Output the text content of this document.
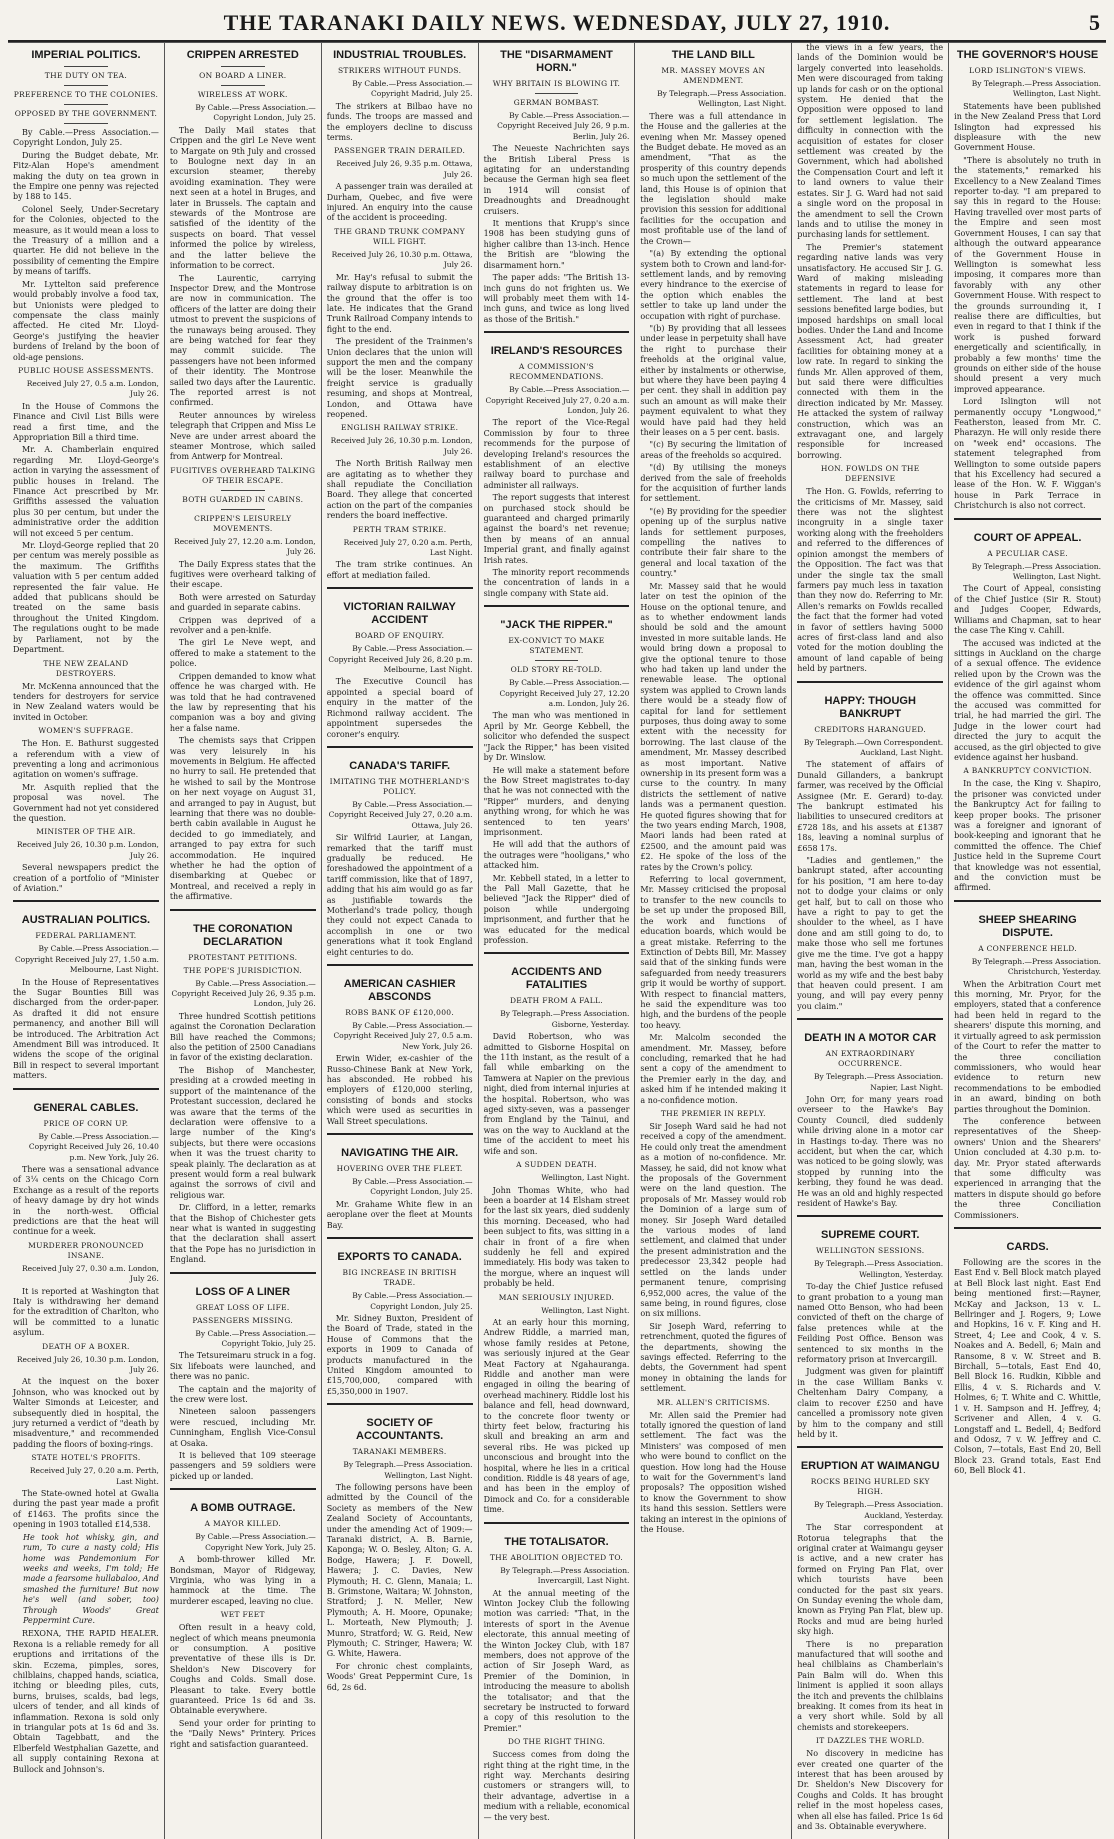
THE TARANAKI DAILY NEWS. WEDNESDAY, JULY 27, 1910.	5
IMPERIAL POLITICS.
THE DUTY ON TEA.
PREFERENCE TO THE COLONIES.
OPPOSED BY THE GOVERNMENT.

By Cable.—Press Association.—Copyright London, July 25.

During the Budget debate, Mr. Fitz-Alan Hope's amendment making the duty on tea grown in the Empire one penny was rejected by 188 to 145.

Colonel Seely, Under-Secretary for the Colonies, objected to the measure, as it would mean a loss to the Treasury of a million and a quarter. He did not believe in the possibility of cementing the Empire by means of tariffs.

Mr. Lyttelton said preference would probably involve a food tax, but Unionists were pledged to compensate the class mainly affected. He cited Mr. Lloyd-George's justifying the heavier burdens of Ireland by the boon of old-age pensions.

PUBLIC HOUSE ASSESSMENTS.
Received July 27, 0.5 a.m. London, July 26.

In the House of Commons the Finance and Civil List Bills were read a first time, and the Appropriation Bill a third time.

Mr. A. Chamberlain enquired regarding Mr. Lloyd-George's action in varying the assessment of public houses in Ireland. The Finance Act prescribed by Mr. Griffiths assessed the valuation plus 30 per centum, but under the administrative order the addition will not exceed 5 per centum.

Mr. Lloyd-George replied that 20 per centum was merely possible as the maximum. The Griffiths valuation with 5 per centum added represented the fair value. He added that publicans should be treated on the same basis throughout the United Kingdom. The regulations ought to be made by Parliament, not by the Department.

THE NEW ZEALAND DESTROYERS.

Mr. McKenna announced that the tenders for destroyers for service in New Zealand waters would be invited in October.

WOMEN'S SUFFRAGE.

The Hon. E. Bathurst suggested a referendum with a view of preventing a long and acrimonious agitation on women's suffrage.

Mr. Asquith replied that the proposal was novel. The Government had not yet considered the question.

MINISTER OF THE AIR.
Received July 26, 10.30 p.m. London, July 26.

Several newspapers predict the creation of a portfolio of "Minister of Aviation."

AUSTRALIAN POLITICS.
FEDERAL PARLIAMENT.
By Cable.—Press Association.—Copyright Received July 27, 1.50 a.m. Melbourne, Last Night.

In the House of Representatives the Sugar Bounties Bill was discharged from the order-paper. As drafted it did not ensure permanency, and another Bill will be introduced. The Arbitration Act Amendment Bill was introduced. It widens the scope of the original Bill in respect to several important matters.

GENERAL CABLES.
PRICE OF CORN UP.
By Cable.—Press Association.—Copyright Received July 26, 10.40 p.m. New York, July 26.

There was a sensational advance of 3¼ cents on the Chicago Corn Exchange as a result of the reports of heavy damage by dry hot winds in the north-west. Official predictions are that the heat will continue for a week.

MURDERER PRONOUNCED INSANE.
Received July 27, 0.30 a.m. London, July 26.

It is reported at Washington that Italy is withdrawing her demand for the extradition of Charlton, who will be committed to a lunatic asylum.

DEATH OF A BOXER.
Received July 26, 10.30 p.m. London, July 26.

At the inquest on the boxer Johnson, who was knocked out by Walter Simonds at Leicester, and subsequently died in hospital, the jury returned a verdict of "death by misadventure," and recommended padding the floors of boxing-rings.

STATE HOTEL'S PROFITS.
Received July 27, 0.20 a.m. Perth, Last Night.

The State-owned hotel at Gwalia during the past year made a profit of £1463. The profits since the opening in 1903 totalled £14,538.

He took hot whisky, gin, and rum, To cure a nasty cold; His home was Pandemonium For weeks and weeks, I'm told; He made a fearsome hullabaloo, And smashed the furniture! But now he's well (and sober, too) Through Woods' Great Peppermint Cure.

REXONA, THE RAPID HEALER. Rexona is a reliable remedy for all eruptions and irritations of the skin. Eczema, pimples, sores, chilblains, chapped hands, sciatica, itching or bleeding piles, cuts, burns, bruises, scalds, bad legs, ulcers of tender, and all kinds of inflammation. Rexona is sold only in triangular pots at 1s 6d and 3s. Obtain Tagebbatt, and the Elberfeld Westphalian Gazette, and all supply containing Rexona at Bullock and Johnson's.

CRIPPEN ARRESTED
ON BOARD A LINER.
WIRELESS AT WORK.
By Cable.—Press Association.—Copyright London, July 25.

The Daily Mail states that Crippen and the girl Le Neve went to Margate on 9th July and crossed to Boulogne next day in an excursion steamer, thereby avoiding examination. They were next seen at a hotel in Bruges, and later in Brussels. The captain and stewards of the Montrose are satisfied of the identity of the suspects on board. That vessel informed the police by wireless, and the latter believe the information to be correct.

The Laurentic, carrying Inspector Drew, and the Montrose are now in communication. The officers of the latter are doing their utmost to prevent the suspicions of the runaways being aroused. They are being watched for fear they may commit suicide. The passengers have not been informed of their identity. The Montrose sailed two days after the Laurentic. The reported arrest is not confirmed.

Reuter announces by wireless telegraph that Crippen and Miss Le Neve are under arrest aboard the steamer Montrose, which sailed from Antwerp for Montreal.

FUGITIVES OVERHEARD TALKING OF THEIR ESCAPE.
BOTH GUARDED IN CABINS.
CRIPPEN'S LEISURELY MOVEMENTS.
Received July 27, 12.20 a.m. London, July 26.

The Daily Express states that the fugitives were overheard talking of their escape.

Both were arrested on Saturday and guarded in separate cabins.

Crippen was deprived of a revolver and a pen-knife.

The girl Le Neve wept, and offered to make a statement to the police.

Crippen demanded to know what offence he was charged with. He was told that he had contravened the law by representing that his companion was a boy and giving her a false name.

The chemists says that Crippen was very leisurely in his movements in Belgium. He affected no hurry to sail. He pretended that he wished to sail by the Montrose on her next voyage on August 31, and arranged to pay in August, but learning that there was no double-berth cabin available in August he decided to go immediately, and arranged to pay extra for such accommodation. He inquired whether he had the option of disembarking at Quebec or Montreal, and received a reply in the affirmative.

THE CORONATION DECLARATION
PROTESTANT PETITIONS.
THE POPE'S JURISDICTION.
By Cable.—Press Association.—Copyright Received July 26, 9.35 p.m. London, July 26.

Three hundred Scottish petitions against the Coronation Declaration Bill have reached the Commons; also the petition of 2500 Canadians in favor of the existing declaration.

The Bishop of Manchester, presiding at a crowded meeting in support of the maintenance of the Protestant succession, declared he was aware that the terms of the declaration were offensive to a large number of the King's subjects, but there were occasions when it was the truest charity to speak plainly. The declaration as at present would form a real bulwark against the sorrows of civil and religious war.

Dr. Clifford, in a letter, remarks that the Bishop of Chichester gets near what is wanted in suggesting that the declaration shall assert that the Pope has no jurisdiction in England.

LOSS OF A LINER
GREAT LOSS OF LIFE.
PASSENGERS MISSING.
By Cable.—Press Association.—Copyright Tokio, July 25.

The Tetsureimaru struck in a fog. Six lifeboats were launched, and there was no panic.

The captain and the majority of the crew were lost.

Nineteen saloon passengers were rescued, including Mr. Cunningham, English Vice-Consul at Osaka.

It is believed that 109 steerage passengers and 59 soldiers were picked up or landed.

A BOMB OUTRAGE.
A MAYOR KILLED.
By Cable.—Press Association.—Copyright New York, July 25.

A bomb-thrower killed Mr. Bondsman, Mayor of Ridgeway, Virginia, who was lying in a hammock at the time. The murderer escaped, leaving no clue.

WET FEET

Often result in a heavy cold, neglect of which means pneumonia or consumption. A positive preventative of these ills is Dr. Sheldon's New Discovery for Coughs and Colds. Small dose. Pleasant to take. Every bottle guaranteed. Price 1s 6d and 3s. Obtainable everywhere.

Send your order for printing to the "Daily News" Printery. Prices right and satisfaction guaranteed.

INDUSTRIAL TROUBLES.
STRIKERS WITHOUT FUNDS.
By Cable.—Press Association.—Copyright Madrid, July 25.

The strikers at Bilbao have no funds. The troops are massed and the employers decline to discuss terms.

PASSENGER TRAIN DERAILED.
Received July 26, 9.35 p.m. Ottawa, July 26.

A passenger train was derailed at Durham, Quebec, and five were injured. An enquiry into the cause of the accident is proceeding.

THE GRAND TRUNK COMPANY WILL FIGHT.
Received July 26, 10.30 p.m. Ottawa, July 26.

Mr. Hay's refusal to submit the railway dispute to arbitration is on the ground that the offer is too late. He indicates that the Grand Trunk Railroad Company intends to fight to the end.

The president of the Trainmen's Union declares that the union will support the men and the company will be the loser. Meanwhile the freight service is gradually resuming, and shops at Montreal, London, and Ottawa have reopened.

ENGLISH RAILWAY STRIKE.
Received July 26, 10.30 p.m. London, July 26.

The North British Railway men are agitating as to whether they shall repudiate the Conciliation Board. They allege that concerted action on the part of the companies renders the board ineffective.

PERTH TRAM STRIKE.
Received July 27, 0.20 a.m. Perth, Last Night.

The tram strike continues. An effort at mediation failed.

VICTORIAN RAILWAY ACCIDENT
BOARD OF ENQUIRY.
By Cable.—Press Association.—Copyright Received July 26, 8.20 p.m. Melbourne, Last Night.

The Executive Council has appointed a special board of enquiry in the matter of the Richmond railway accident. The appointment supersedes the coroner's enquiry.

CANADA'S TARIFF.
IMITATING THE MOTHERLAND'S POLICY.
By Cable.—Press Association.—Copyright Received July 27, 0.20 a.m. Ottawa, July 26.

Sir Wilfrid Laurier, at Langan, remarked that the tariff must gradually be reduced. He foreshadowed the appointment of a tariff commission, like that of 1897, adding that his aim would go as far as justifiable towards the Motherland's trade policy, though they could not expect Canada to accomplish in one or two generations what it took England eight centuries to do.

AMERICAN CASHIER ABSCONDS
ROBS BANK OF £120,000.
By Cable.—Press Association.—Copyright Received July 27, 0.5 a.m. New York, July 26.

Erwin Wider, ex-cashier of the Russo-Chinese Bank at New York, has absconded. He robbed his employers of £120,000 sterling, consisting of bonds and stocks which were used as securities in Wall Street speculations.

NAVIGATING THE AIR.
HOVERING OVER THE FLEET.
By Cable.—Press Association.—Copyright London, July 25.

Mr. Grahame White flew in an aeroplane over the fleet at Mounts Bay.

EXPORTS TO CANADA.
BIG INCREASE IN BRITISH TRADE.
By Cable.—Press Association.—Copyright London, July 25.

Mr. Sidney Buxton, President of the Board of Trade, stated in the House of Commons that the exports in 1909 to Canada of products manufactured in the United Kingdom amounted to £15,700,000, compared with £5,350,000 in 1907.

SOCIETY OF ACCOUNTANTS.
TARANAKI MEMBERS.
By Telegraph.—Press Association. Wellington, Last Night.

The following persons have been admitted by the Council of the Society as members of the New Zealand Society of Accountants, under the amending Act of 1909:—Taranaki district, A. B. Barnie, Kaponga; W. O. Besley, Alton; G. A. Bodge, Hawera; J. F. Dowell, Hawera; J. C. Davies, New Plymouth; H. C. Glenn, Manaia; L. B. Grimstone, Waitara; W. Johnston, Stratford; J. N. Meller, New Plymouth; A. H. Moore, Opunake; L. Morteath, New Plymouth; J. Munro, Stratford; W. G. Reid, New Plymouth; C. Stringer, Hawera; W. G. White, Hawera.

For chronic chest complaints, Woods' Great Peppermint Cure, 1s 6d, 2s 6d.

THE "DISARMAMENT HORN."
WHY BRITAIN IS BLOWING IT.
GERMAN BOMBAST.
By Cable.—Press Association.—Copyright Received July 26, 9 p.m. Berlin, July 26.

The Neueste Nachrichten says the British Liberal Press is agitating for an understanding because the German high sea fleet in 1914 will consist of Dreadnoughts and Dreadnought cruisers.

It mentions that Krupp's since 1908 has been studying guns of higher calibre than 13-inch. Hence the British are "blowing the disarmament horn."

The paper adds: "The British 13-inch guns do not frighten us. We will probably meet them with 14-inch guns, and twice as long lived as those of the British."

IRELAND'S RESOURCES
A COMMISSION'S RECOMMENDATIONS.
By Cable.—Press Association.—Copyright Received July 27, 0.20 a.m. London, July 26.

The report of the Vice-Regal Commission by four to three recommends for the purpose of developing Ireland's resources the establishment of an elective railway board to purchase and administer all railways.

The report suggests that interest on purchased stock should be guaranteed and charged primarily against the board's net revenue; then by means of an annual Imperial grant, and finally against Irish rates.

The minority report recommends the concentration of lands in a single company with State aid.

"JACK THE RIPPER."
EX-CONVICT TO MAKE STATEMENT.
OLD STORY RE-TOLD.
By Cable.—Press Association.—Copyright Received July 27, 12.20 a.m. London, July 26.

The man who was mentioned in April by Mr. George Kebbell, the solicitor who defended the suspect "Jack the Ripper," has been visited by Dr. Winslow.

He will make a statement before the Bow Street magistrates to-day that he was not connected with the "Ripper" murders, and denying anything wrong, for which he was sentenced to ten years' imprisonment.

He will add that the authors of the outrages were "hooligans," who attacked him.

Mr. Kebbell stated, in a letter to the Pall Mall Gazette, that he believed "Jack the Ripper" died of poison while undergoing imprisonment, and further that he was educated for the medical profession.

ACCIDENTS AND FATALITIES
DEATH FROM A FALL.
By Telegraph.—Press Association. Gisborne, Yesterday.

David Robertson, who was admitted to Gisborne Hospital on the 11th instant, as the result of a fall while embarking on the Tamwera at Napier on the previous night, died from internal injuries at the hospital. Robertson, who was aged sixty-seven, was a passenger from England by the Tainui, and was on the way to Auckland at the time of the accident to meet his wife and son.

A SUDDEN DEATH.
Wellington, Last Night.

John Thomas White, who had been a boarder at 14 Elsham street for the last six years, died suddenly this morning. Deceased, who had been subject to fits, was sitting in a chair in front of a fire when suddenly he fell and expired immediately. His body was taken to the morgue, where an inquest will probably be held.

MAN SERIOUSLY INJURED.
Wellington, Last Night.

At an early hour this morning, Andrew Riddle, a married man, whose family resides at Petone, was seriously injured at the Gear Meat Factory at Ngahauranga. Riddle and another man were engaged in oiling the bearing of overhead machinery. Riddle lost his balance and fell, head downward, to the concrete floor twenty or thirty feet below, fracturing his skull and breaking an arm and several ribs. He was picked up unconscious and brought into the hospital, where he lies in a critical condition. Riddle is 48 years of age, and has been in the employ of Dimock and Co. for a considerable time.

THE TOTALISATOR.
THE ABOLITION OBJECTED TO.
By Telegraph.—Press Association. Invercargill, Last Night.

At the annual meeting of the Winton Jockey Club the following motion was carried: "That, in the interests of sport in the Avenue electorate, this annual meeting of the Winton Jockey Club, with 187 members, does not approve of the action of Sir Joseph Ward, as Premier of the Dominion, in introducing the measure to abolish the totalisator; and that the secretary be instructed to forward a copy of this resolution to the Premier."

DO THE RIGHT THING.

Success comes from doing the right thing at the right time, in the right way. Merchants desiring customers or strangers will, to their advantage, advertise in a medium with a reliable, economical— the very best.

THE LAND BILL
MR. MASSEY MOVES AN AMENDMENT.
By Telegraph.—Press Association. Wellington, Last Night.

There was a full attendance in the House and the galleries at the evening when Mr. Massey opened the Budget debate. He moved as an amendment, "That as the prosperity of this country depends so much upon the settlement of the land, this House is of opinion that the legislation should make provision this session for additional facilities for the occupation and most profitable use of the land of the Crown—

"(a) By extending the optional system both to Crown and land-for-settlement lands, and by removing every hindrance to the exercise of the option which enables the settler to take up land under the occupation with right of purchase.

"(b) By providing that all lessees under lease in perpetuity shall have the right to purchase their freeholds at the original value, either by instalments or otherwise, but where they have been paying 4 per cent. they shall in addition pay such an amount as will make their payment equivalent to what they would have paid had they held their leases on a 5 per cent. basis.

"(c) By securing the limitation of areas of the freeholds so acquired.

"(d) By utilising the moneys derived from the sale of freeholds for the acquisition of further lands for settlement.

"(e) By providing for the speedier opening up of the surplus native lands for settlement purposes, compelling the natives to contribute their fair share to the general and local taxation of the country."

Mr. Massey said that he would later on test the opinion of the House on the optional tenure, and as to whether endowment lands should be sold and the amount invested in more suitable lands. He would bring down a proposal to give the optional tenure to those who had taken up land under the renewable lease. The optional system was applied to Crown lands there would be a steady flow of capital for land for settlement purposes, thus doing away to some extent with the necessity for borrowing. The last clause of the amendment, Mr. Massey described as most important. Native ownership in its present form was a curse to the country. In many districts the settlement of native lands was a permanent question. He quoted figures showing that for the two years ending March, 1908, Maori lands had been rated at £2500, and the amount paid was £2. He spoke of the loss of the rates by the Crown's policy.

Referring to local government, Mr. Massey criticised the proposal to transfer to the new councils to be set up under the proposed Bill, the work and functions of education boards, which would be a great mistake. Referring to the Extinction of Debts Bill, Mr. Massey said that of the sinking funds were safeguarded from needy treasurers grip it would be worthy of support. With respect to financial matters, he said the expenditure was too high, and the burdens of the people too heavy.

Mr. Malcolm seconded the amendment. Mr. Massey, before concluding, remarked that he had sent a copy of the amendment to the Premier early in the day, and asked him if he intended making it a no-confidence motion.

THE PREMIER IN REPLY.

Sir Joseph Ward said he had not received a copy of the amendment. He could only treat the amendment as a motion of no-confidence. Mr. Massey, he said, did not know what the proposals of the Government were on the land question. The proposals of Mr. Massey would rob the Dominion of a large sum of money. Sir Joseph Ward detailed the various modes of land settlement, and claimed that under the present administration and the predecessor 23,342 people had settled on the lands under permanent tenure, comprising 6,952,000 acres, the value of the same being, in round figures, close on six millions.

Sir Joseph Ward, referring to retrenchment, quoted the figures of the departments, showing the savings effected. Referring to the debts, the Government had spent money in obtaining the lands for settlement.

MR. ALLEN'S CRITICISMS.

Mr. Allen said the Premier had totally ignored the question of land settlement. The fact was the Ministers' was composed of men who were bound to conflict on the question. How long had the House to wait for the Government's land proposals? The opposition wished to know the Government to show its hand this session. Settlers were taking an interest in the opinions of the House.

the views in a few years, the lands of the Dominion would be largely converted into leaseholds. Men were discouraged from taking up lands for cash or on the optional system. He denied that the Opposition were opposed to land for settlement legislation. The difficulty in connection with the acquisition of estates for closer settlement was created by the Government, which had abolished the Compensation Court and left it to land owners to value their estates. Sir J. G. Ward had not said a single word on the proposal in the amendment to sell the Crown lands and to utilise the money in purchasing lands for settlement.

The Premier's statement regarding native lands was very unsatisfactory. He accused Sir J. G. Ward of making misleading statements in regard to lease for settlement. The land at best sessions benefited large bodies, but imposed hardships on small local bodies. Under the Land and Income Assessment Act, had greater facilities for obtaining money at a low rate. In regard to sinking the funds Mr. Allen approved of them, but said there were difficulties connected with them in the direction indicated by Mr. Massey. He attacked the system of railway construction, which was an extravagant one, and largely responsible for increased borrowing.

HON. FOWLDS ON THE DEFENSIVE

The Hon. G. Fowlds, referring to the criticisms of Mr. Massey, said there was not the slightest incongruity in a single taxer working along with the freeholders and referred to the differences of opinion amongst the members of the Opposition. The fact was that under the single tax the small farmers pay much less in taxation than they now do. Referring to Mr. Allen's remarks on Fowlds recalled the fact that the former had voted in favor of settlers having 5000 acres of first-class land and also voted for the motion doubling the amount of land capable of being held by partners.

HAPPY: THOUGH BANKRUPT
CREDITORS HARANGUED.
By Telegraph.—Own Correspondent. Auckland, Last Night.

The statement of affairs of Dunald Gillanders, a bankrupt farmer, was received by the Official Assignee (Mr. E. Gerard) to-day. The bankrupt estimated his liabilities to unsecured creditors at £728 18s, and his assets at £1387 18s, leaving a nominal surplus of £658 17s.

"Ladies and gentlemen," the bankrupt stated, after accounting for his position, "I am here to-day not to dodge your claims or only get half, but to call on those who have a right to pay to get the shoulder to the wheel, as I have done and am still going to do, to make those who sell me fortunes give me the time. I've got a happy man, having the best woman in the world as my wife and the best baby that heaven could present. I am young, and will pay every penny you claim."

DEATH IN A MOTOR CAR
AN EXTRAORDINARY OCCURRENCE.
By Telegraph.—Press Association. Napier, Last Night.

John Orr, for many years road overseer to the Hawke's Bay County Council, died suddenly while driving alone in a motor car in Hastings to-day. There was no accident, but when the car, which was noticed to be going slowly, was stopped by running into the kerbing, they found he was dead. He was an old and highly respected resident of Hawke's Bay.

SUPREME COURT.
WELLINGTON SESSIONS.
By Telegraph.—Press Association. Wellington, Yesterday.

To-day the Chief Justice refused to grant probation to a young man named Otto Benson, who had been convicted of theft on the charge of false pretences while at the Feilding Post Office. Benson was sentenced to six months in the reformatory prison at Invercargill.

Judgment was given for plaintiff in the case William Banks v. Cheltenham Dairy Company, a claim to recover £250 and have cancelled a promissory note given by him to the company and still held by it.

ERUPTION AT WAIMANGU
ROCKS BEING HURLED SKY HIGH.
By Telegraph.—Press Association. Auckland, Yesterday.

The Star correspondent at Rotorua telegraphs that the original crater at Waimangu geyser is active, and a new crater has formed on Frying Pan Flat, over which tourists have been conducted for the past six years. On Sunday evening the whole dam, known as Frying Pan Flat, blew up. Rocks and mud are being hurled sky high.

There is no preparation manufactured that will soothe and heal chilblains as Chamberlain's Pain Balm will do. When this liniment is applied it soon allays the itch and prevents the chilblains breaking. It comes from its heat in a very short while. Sold by all chemists and storekeepers.

IT DAZZLES THE WORLD.

No discovery in medicine has ever created one quarter of the interest that has been aroused by Dr. Sheldon's New Discovery for Coughs and Colds. It has brought relief in the most hopeless cases, when all else has failed. Price 1s 6d and 3s. Obtainable everywhere.

THE GOVERNOR'S HOUSE
LORD ISLINGTON'S VIEWS.
By Telegraph.—Press Association. Wellington, Last Night.

Statements have been published in the New Zealand Press that Lord Islington had expressed his displeasure with the new Government House.

"There is absolutely no truth in the statements," remarked his Excellency to a New Zealand Times reporter to-day. "I am prepared to say this in regard to the House: Having travelled over most parts of the Empire and seen most Government Houses, I can say that although the outward appearance of the Government House in Wellington is somewhat less imposing, it compares more than favorably with any other Government House. With respect to the grounds surrounding it, I realise there are difficulties, but even in regard to that I think if the work is pushed forward energetically and scientifically, in probably a few months' time the grounds on either side of the house should present a very much improved appearance.

Lord Islington will not permanently occupy "Longwood," Featherston, leased from Mr. C. Pharazyn. He will only reside there on "week end" occasions. The statement telegraphed from Wellington to some outside papers that his Excellency had secured a lease of the Hon. W. F. Wiggan's house in Park Terrace in Christchurch is also not correct.

COURT OF APPEAL.
A PECULIAR CASE.
By Telegraph.—Press Association. Wellington, Last Night.

The Court of Appeal, consisting of the Chief Justice (Sir R. Stout) and Judges Cooper, Edwards, Williams and Chapman, sat to hear the case The King v. Cahill.

The accused was indicted at the sittings in Auckland on the charge of a sexual offence. The evidence relied upon by the Crown was the evidence of the girl against whom the offence was committed. Since the accused was committed for trial, he had married the girl. The Judge in the lower court had directed the jury to acquit the accused, as the girl objected to give evidence against her husband.

A BANKRUPTCY CONVICTION.

In the case, the King v. Shapiro, the prisoner was convicted under the Bankruptcy Act for failing to keep proper books. The prisoner was a foreigner and ignorant of book-keeping and ignorant that he committed the offence. The Chief Justice held in the Supreme Court that knowledge was not essential, and the conviction must be affirmed.

SHEEP SHEARING DISPUTE.
A CONFERENCE HELD.
By Telegraph.—Press Association. Christchurch, Yesterday.

When the Arbitration Court met this morning, Mr. Pryor, for the employers, stated that a conference had been held in regard to the shearers' dispute this morning, and it virtually agreed to ask permission of the Court to refer the matter to the three conciliation commissioners, who would hear evidence to return new recommendations to be embodied in an award, binding on both parties throughout the Dominion.

The conference between representatives of the Sheep-owners' Union and the Shearers' Union concluded at 4.30 p.m. to-day. Mr. Pryor stated afterwards that some difficulty was experienced in arranging that the matters in dispute should go before the three Conciliation Commissioners.

CARDS.

Following are the scores in the East End v. Bell Block match played at Bell Block last night. East End being mentioned first:—Rayner, McKay and Jackson, 13 v. L. Bellringer and J. Rogers, 9; Lowe and Hopkins, 16 v. F. King and H. Street, 4; Lee and Cook, 4 v. S. Noakes and A. Bedell, 6; Main and Ransome, 8 v. W. Street and B. Birchall, 5—totals, East End 40, Bell Block 16. Rudkin, Kibble and Ellis, 4 v. S. Richards and V. Holmes, 6; T. White and C. Whittle, 1 v. H. Sampson and H. Jeffrey, 4; Scrivener and Allen, 4 v. G. Longstaff and L. Bedell, 4; Bedford and Odosz, 7 v. W. Jeffrey and C. Colson, 7—totals, East End 20, Bell Block 23. Grand totals, East End 60, Bell Block 41.
